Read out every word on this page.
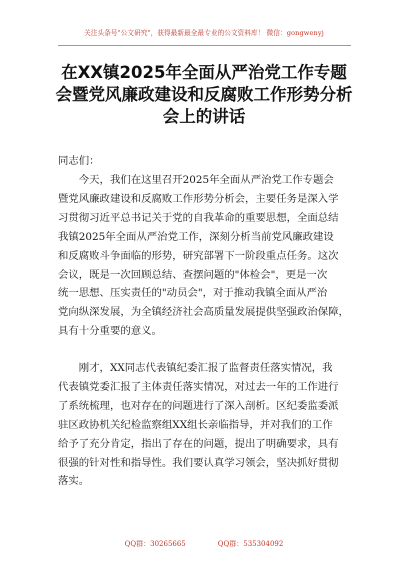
关注头条号"公文研究"，获得最新最全最专业的公文资料库！ 微信：gongwenyj
在XX镇2025年全面从严治党工作专题
会暨党风廉政建设和反腐败工作形势分析
会上的讲话
同志们：
　　今天，我们在这里召开2025年全面从严治党工作专题会
暨党风廉政建设和反腐败工作形势分析会，主要任务是深入学
习贯彻习近平总书记关于党的自我革命的重要思想，全面总结
我镇2025年全面从严治党工作，深刻分析当前党风廉政建设
和反腐败斗争面临的形势，研究部署下一阶段重点任务。这次
会议，既是一次回顾总结、查摆问题的"体检会"，更是一次
统一思想、压实责任的"动员会"，对于推动我镇全面从严治
党向纵深发展，为全镇经济社会高质量发展提供坚强政治保障，
具有十分重要的意义。
　　刚才，XX同志代表镇纪委汇报了监督责任落实情况，我
代表镇党委汇报了主体责任落实情况，对过去一年的工作进行
了系统梳理，也对存在的问题进行了深入剖析。区纪委监委派
驻区政协机关纪检监察组XX组长亲临指导，并对我们的工作
给予了充分肯定，指出了存在的问题，提出了明确要求，具有
很强的针对性和指导性。我们要认真学习领会，坚决抓好贯彻
落实。
QQ群：30265665	QQ群：535304092
